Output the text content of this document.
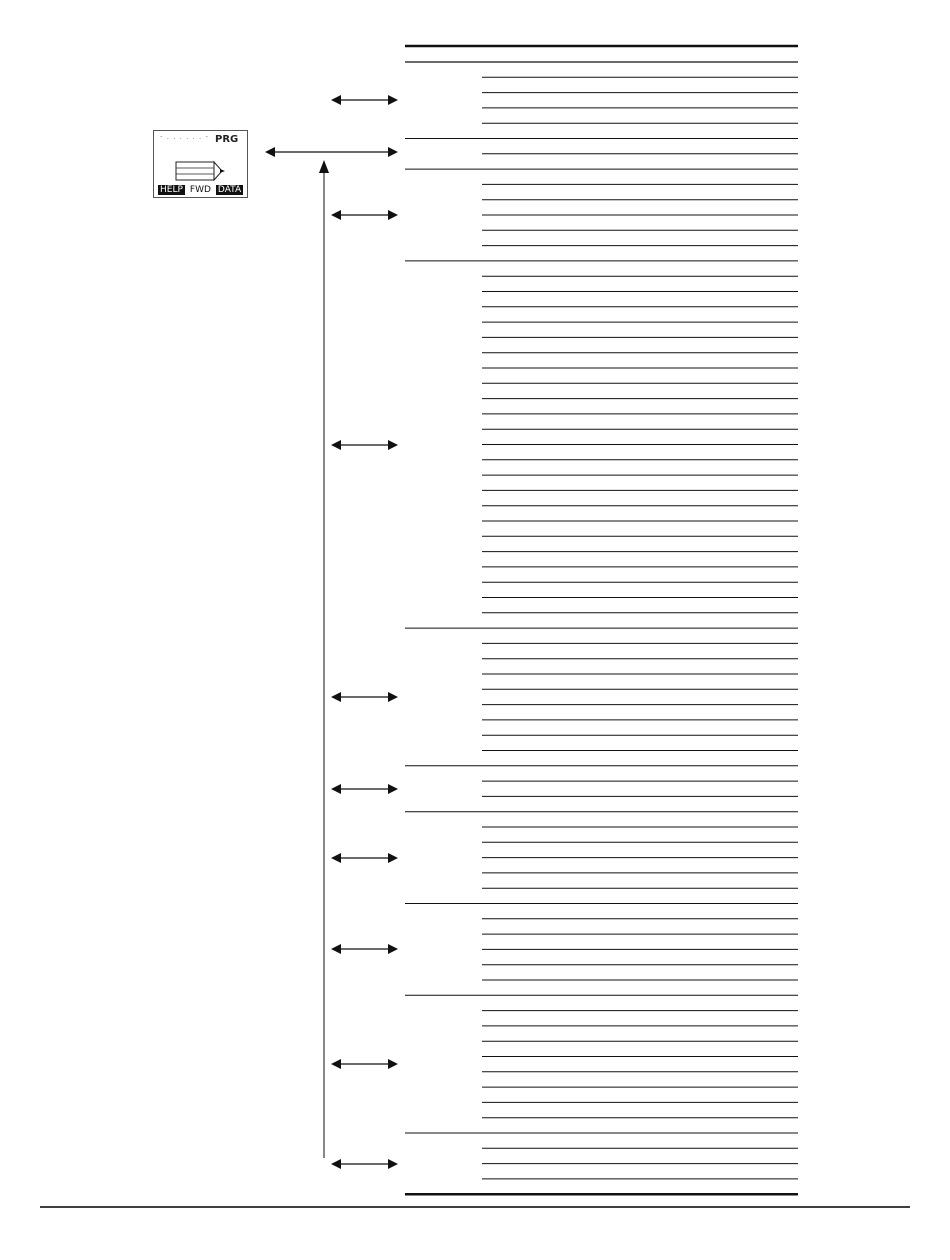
- . . . . . . - PRG
HELP FWD DATA
